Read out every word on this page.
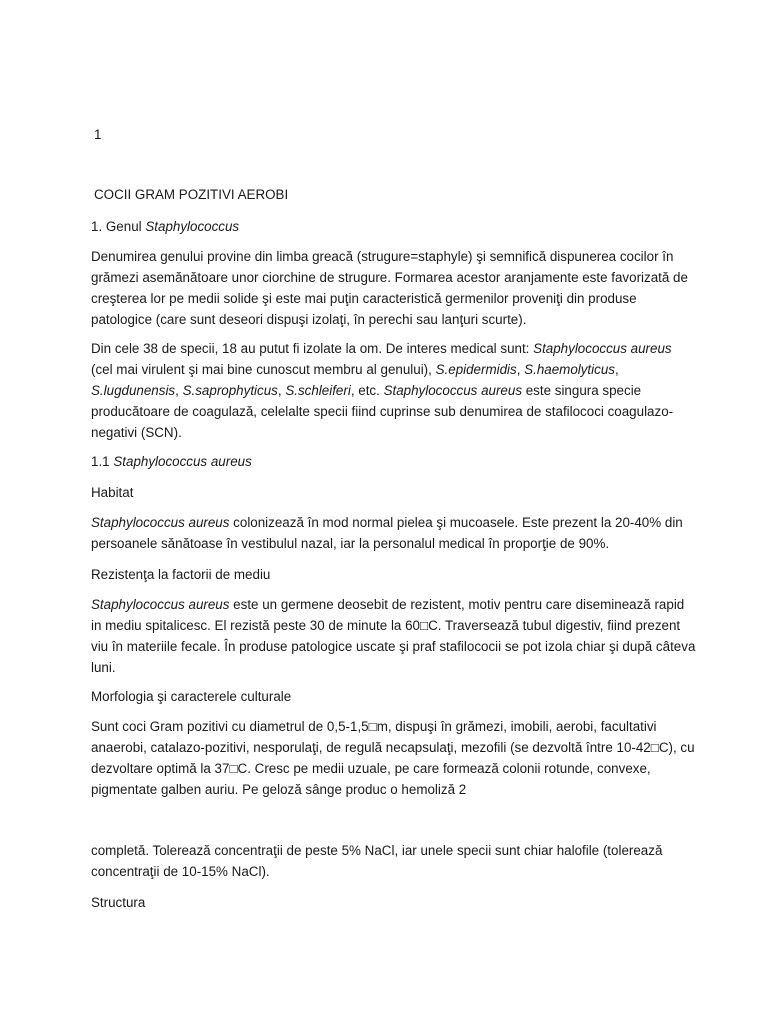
1

COCII GRAM POZITIVI AEROBI

1. Genul Staphylococcus

Denumirea genului provine din limba greacă (strugure=staphyle) şi semnifică dispunerea cocilor în grămezi asemănătoare unor ciorchine de strugure. Formarea acestor aranjamente este favorizată de creşterea lor pe medii solide şi este mai puţin caracteristică germenilor proveniţi din produse patologice (care sunt deseori dispuşi izolaţi, în perechi sau lanţuri scurte).

Din cele 38 de specii, 18 au putut fi izolate la om. De interes medical sunt: Staphylococcus aureus (cel mai virulent şi mai bine cunoscut membru al genului), S.epidermidis, S.haemolyticus, S.lugdunensis, S.saprophyticus, S.schleiferi, etc. Staphylococcus aureus este singura specie producătoare de coagulază, celelalte specii fiind cuprinse sub denumirea de stafilococi coagulazo-negativi (SCN).

1.1 Staphylococcus aureus

Habitat

Staphylococcus aureus colonizează în mod normal pielea şi mucoasele. Este prezent la 20-40% din persoanele sănătoase în vestibulul nazal, iar la personalul medical în proporţie de 90%.

Rezistenţa la factorii de mediu

Staphylococcus aureus este un germene deosebit de rezistent, motiv pentru care diseminează rapid in mediu spitalicesc. El rezistă peste 30 de minute la 60□C. Traversează tubul digestiv, fiind prezent viu în materiile fecale. În produse patologice uscate şi praf stafilococii se pot izola chiar şi după câteva luni.

Morfologia şi caracterele culturale

Sunt coci Gram pozitivi cu diametrul de 0,5-1,5□m, dispuşi în grămezi, imobili, aerobi, facultativi anaerobi, catalazo-pozitivi, nesporulaţi, de regulă necapsulaţi, mezofili (se dezvoltă între 10-42□C), cu dezvoltare optimă la 37□C. Cresc pe medii uzuale, pe care formează colonii rotunde, convexe, pigmentate galben auriu. Pe geloză sânge produc o hemoliză 2

completă. Tolerează concentraţii de peste 5% NaCl, iar unele specii sunt chiar halofile (tolerează concentraţii de 10-15% NaCl).

Structura
